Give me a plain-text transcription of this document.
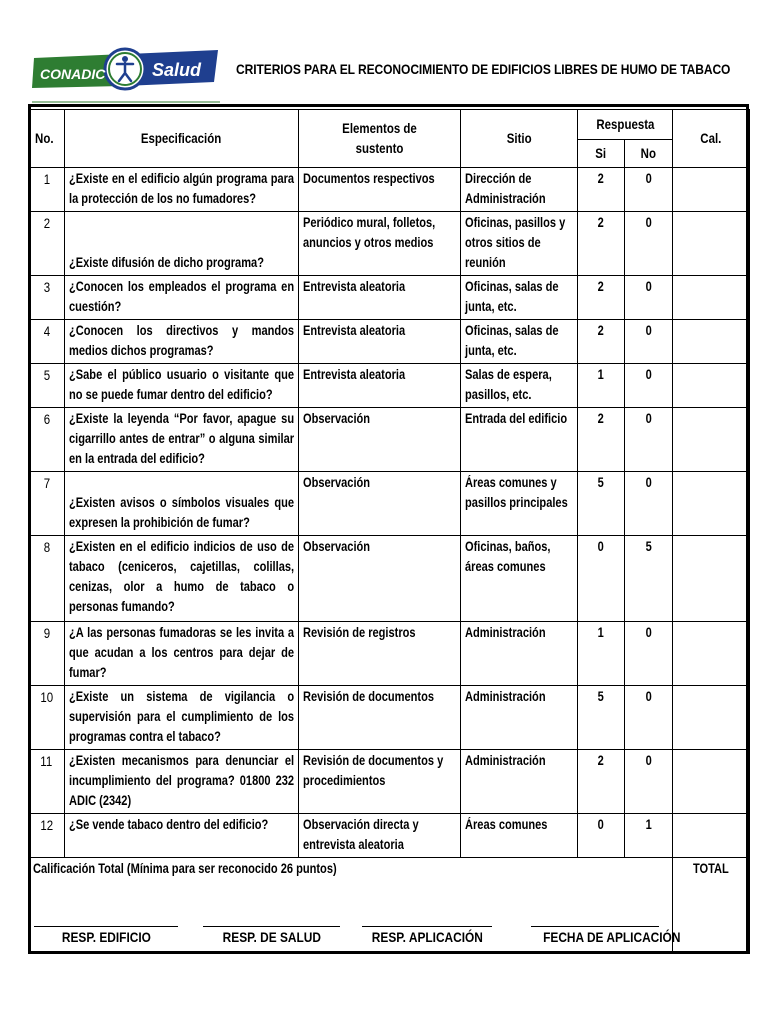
CONADIC	Salud CRITERIOS PARA EL RECONOCIMIENTO DE EDIFICIOS LIBRES DE HUMO DE TABACO
No.	Especificación	Elementos de sustento	Sitio	Respuesta		Cal.
				Si	No	
1	¿Existe en el edificio algún programa para la protección de los no fumadores?	Documentos respectivos	Dirección de Administración	2	0	
2	¿Existe difusión de dicho programa?	Periódico mural, folletos, anuncios y otros medios	Oficinas, pasillos y otros sitios de reunión	2	0	
3	¿Conocen los empleados el programa en cuestión?	Entrevista aleatoria	Oficinas, salas de junta, etc.	2	0	
4	¿Conocen los directivos y mandos medios dichos programas?	Entrevista aleatoria	Oficinas, salas de junta, etc.	2	0	
5	¿Sabe el público usuario o visitante que no se puede fumar dentro del edificio?	Entrevista aleatoria	Salas de espera, pasillos, etc.	1	0	
6	¿Existe la leyenda “Por favor, apague su cigarrillo antes de entrar” o alguna similar en la entrada del edificio?	Observación	Entrada del edificio	2	0	
7	¿Existen avisos o símbolos visuales que expresen la prohibición de fumar?	Observación	Áreas comunes y pasillos principales	5	0	
8	¿Existen en el edificio indicios de uso de tabaco (ceniceros, cajetillas, colillas, cenizas, olor a humo de tabaco o personas fumando?	Observación	Oficinas, baños, áreas comunes	0	5	
9	¿A las personas fumadoras se les invita a que acudan a los centros para dejar de fumar?	Revisión de registros	Administración	1	0	
10	¿Existe un sistema de vigilancia o supervisión para el cumplimiento de los programas contra el tabaco?	Revisión de documentos	Administración	5	0	
11	¿Existen mecanismos para denunciar el incumplimiento del programa? 01800 232 ADIC (2342)	Revisión de documentos y procedimientos	Administración	2	0	
12	¿Se vende tabaco dentro del edificio?	Observación directa y entrevista aleatoria	Áreas comunes	0	1	
Calificación Total (Mínima para ser reconocido 26 puntos)						TOTAL
RESP. EDIFICIO	RESP. DE SALUD	RESP. APLICACIÓN	FECHA DE APLICACIÓN
